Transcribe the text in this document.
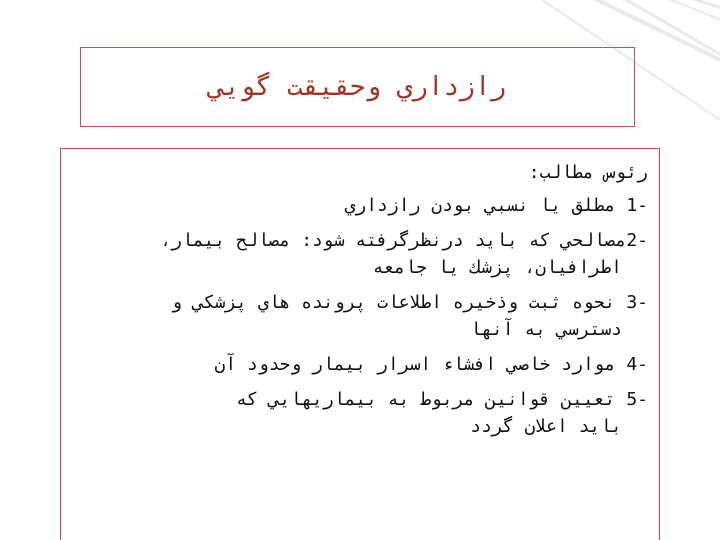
رازداري وحقيقت گويي
رئوس مطالب:
-1 مطلق يا نسبي بودن رازداري
-2مصالحي كه بايد درنظرگرفته شود: مصالح بيمار،
اطرافيان، پزشك يا جامعه
-3 نحوه ثبت وذخيره اطلاعات پرونده هاي پزشكي و
دسترسي به آنها
-4 موارد خاصي افشاء اسرار بيمار وحدود آن
-5 تعيين قوانين مربوط به بيماريهايي كه
بايد اعلان گردد
